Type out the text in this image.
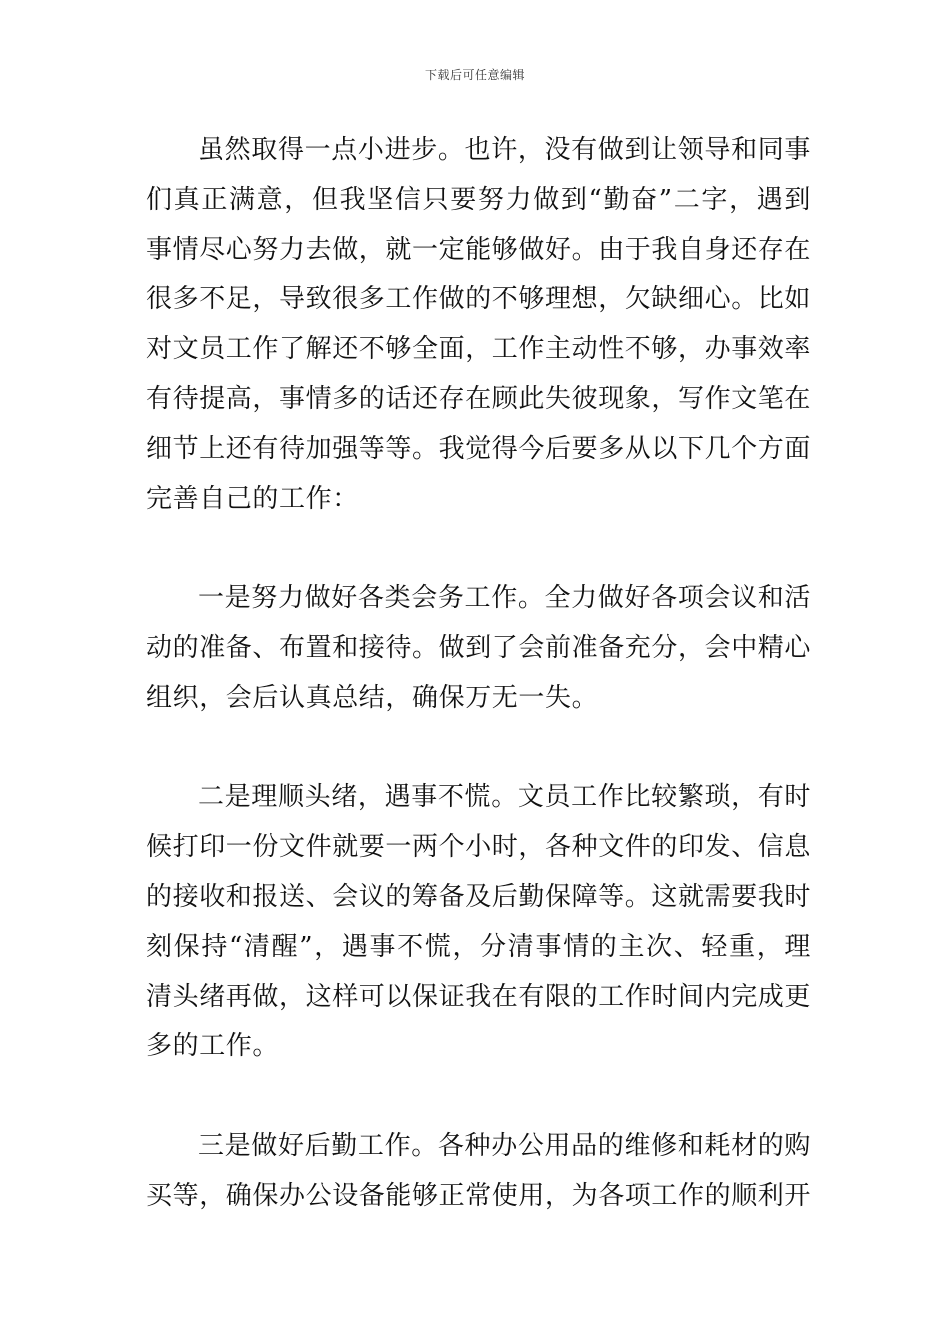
下载后可任意编辑

虽然取得一点小进步。也许，没有做到让领导和同事们真正满意，但我坚信只要努力做到“勤奋”二字，遇到事情尽心努力去做，就一定能够做好。由于我自身还存在很多不足，导致很多工作做的不够理想，欠缺细心。比如对文员工作了解还不够全面，工作主动性不够，办事效率有待提高，事情多的话还存在顾此失彼现象，写作文笔在细节上还有待加强等等。我觉得今后要多从以下几个方面完善自己的工作：

一是努力做好各类会务工作。全力做好各项会议和活动的准备、布置和接待。做到了会前准备充分，会中精心组织，会后认真总结，确保万无一失。

二是理顺头绪，遇事不慌。文员工作比较繁琐，有时候打印一份文件就要一两个小时，各种文件的印发、信息的接收和报送、会议的筹备及后勤保障等。这就需要我时刻保持“清醒”，遇事不慌，分清事情的主次、轻重，理清头绪再做，这样可以保证我在有限的工作时间内完成更多的工作。

三是做好后勤工作。各种办公用品的维修和耗材的购买等，确保办公设备能够正常使用，为各项工作的顺利开
